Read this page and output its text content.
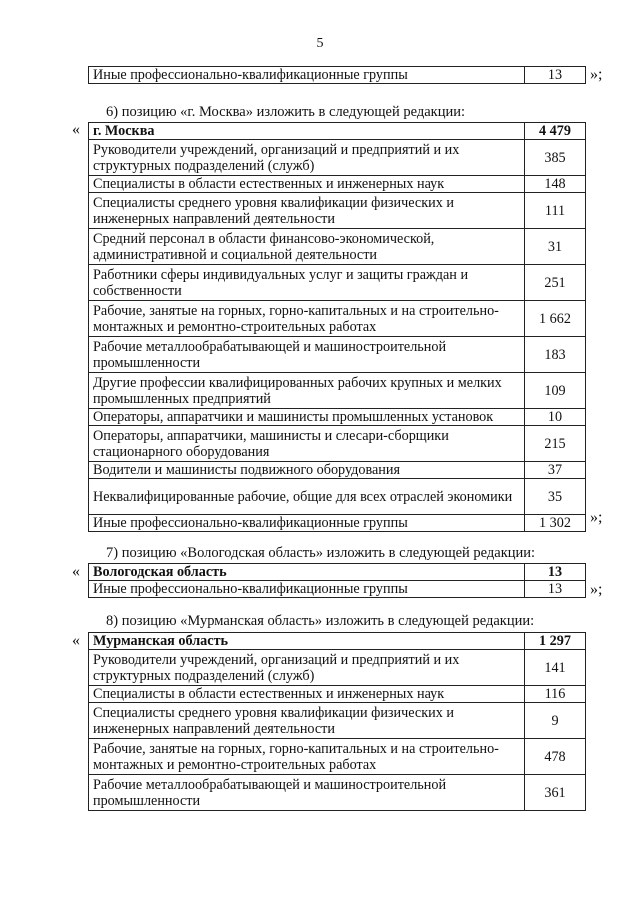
5
Иные профессионально-квалификационные группы	13 »;
6) позицию «г. Москва» изложить в следующей редакции:
« г. Москва	4 479
Руководители учреждений, организаций и предприятий и их структурных подразделений (служб)	385
Специалисты в области естественных и инженерных наук	148
Специалисты среднего уровня квалификации физических и инженерных направлений деятельности	111
Средний персонал в области финансово-экономической, административной и социальной деятельности	31
Работники сферы индивидуальных услуг и защиты граждан и собственности	251
Рабочие, занятые на горных, горно-капитальных и на строительно-монтажных и ремонтно-строительных работах	1 662
Рабочие металлообрабатывающей и машиностроительной промышленности	183
Другие профессии квалифицированных рабочих крупных и мелких промышленных предприятий	109
Операторы, аппаратчики и машинисты промышленных установок	10
Операторы, аппаратчики, машинисты и слесари-сборщики стационарного оборудования	215
Водители и машинисты подвижного оборудования	37
Неквалифицированные рабочие, общие для всех отраслей экономики	35
Иные профессионально-квалификационные группы	1 302 »;
7) позицию «Вологодская область» изложить в следующей редакции:
« Вологодская область	13
Иные профессионально-квалификационные группы	13 »;
8) позицию «Мурманская область» изложить в следующей редакции:
« Мурманская область	1 297
Руководители учреждений, организаций и предприятий и их структурных подразделений (служб)	141
Специалисты в области естественных и инженерных наук	116
Специалисты среднего уровня квалификации физических и инженерных направлений деятельности	9
Рабочие, занятые на горных, горно-капитальных и на строительно-монтажных и ремонтно-строительных работах	478
Рабочие металлообрабатывающей и машиностроительной промышленности	361
